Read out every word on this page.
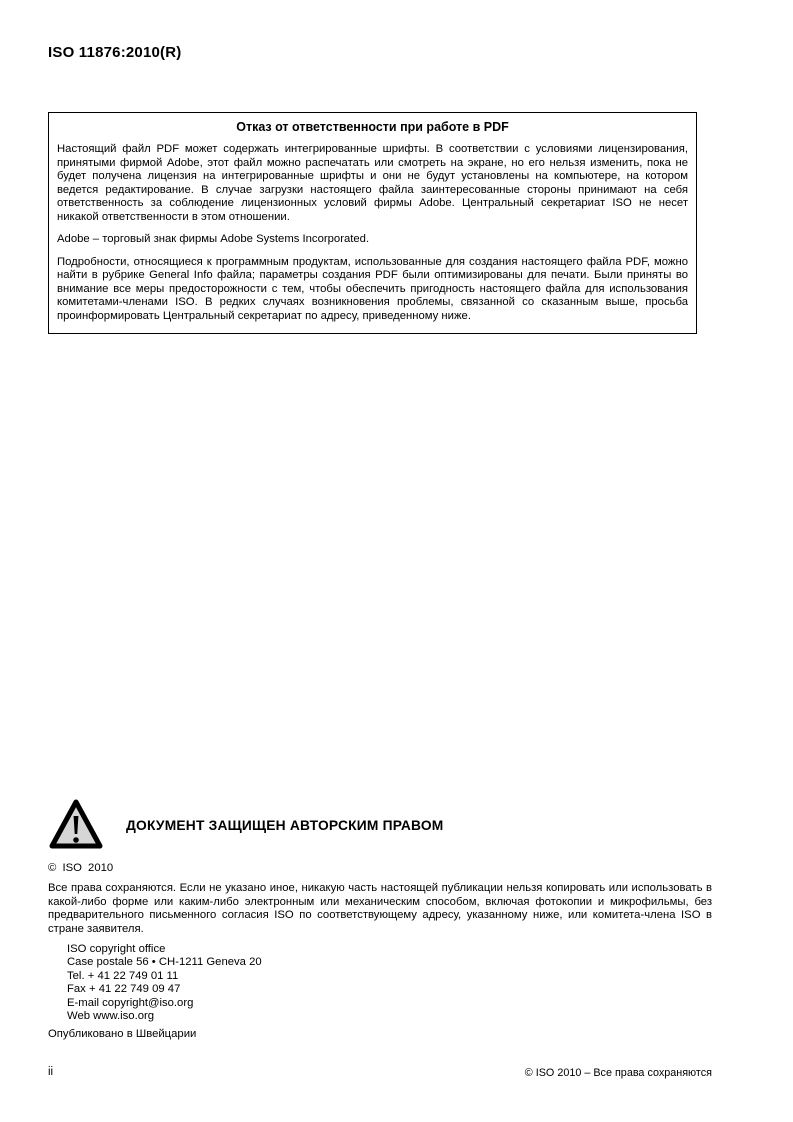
ISO 11876:2010(R)
Отказ от ответственности при работе в PDF

Настоящий файл PDF может содержать интегрированные шрифты. В соответствии с условиями лицензирования, принятыми фирмой Adobe, этот файл можно распечатать или смотреть на экране, но его нельзя изменить, пока не будет получена лицензия на интегрированные шрифты и они не будут установлены на компьютере, на котором ведется редактирование. В случае загрузки настоящего файла заинтересованные стороны принимают на себя ответственность за соблюдение лицензионных условий фирмы Adobe. Центральный секретариат ISO не несет никакой ответственности в этом отношении.

Adobe – торговый знак фирмы Adobe Systems Incorporated.

Подробности, относящиеся к программным продуктам, использованные для создания настоящего файла PDF, можно найти в рубрике General Info файла; параметры создания PDF были оптимизированы для печати. Были приняты во внимание все меры предосторожности с тем, чтобы обеспечить пригодность настоящего файла для использования комитетами-членами ISO. В редких случаях возникновения проблемы, связанной со сказанным выше, просьба проинформировать Центральный секретариат по адресу, приведенному ниже.

ДОКУМЕНТ ЗАЩИЩЕН АВТОРСКИМ ПРАВОМ
© ISO 2010

Все права сохраняются. Если не указано иное, никакую часть настоящей публикации нельзя копировать или использовать в какой-либо форме или каким-либо электронным или механическим способом, включая фотокопии и микрофильмы, без предварительного письменного согласия ISO по соответствующему адресу, указанному ниже, или комитета-члена ISO в стране заявителя.

ISO copyright office
Case postale 56 • CH-1211 Geneva 20
Tel. + 41 22 749 01 11
Fax + 41 22 749 09 47
E-mail copyright@iso.org
Web www.iso.org
Опубликовано в Швейцарии
ii	© ISO 2010 – Все права сохраняются
